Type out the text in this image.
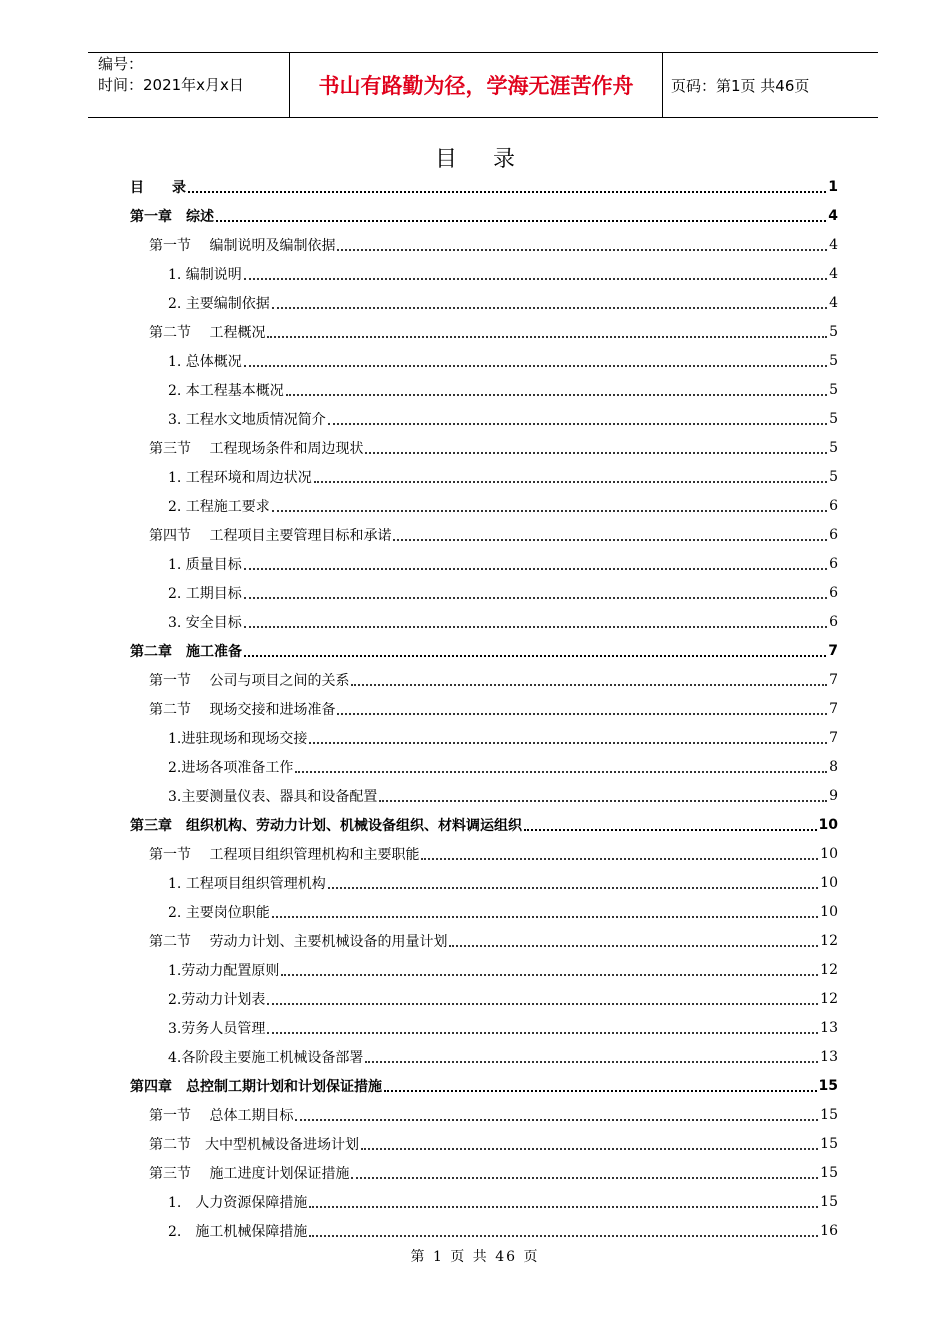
编号：
时间：2021年x月x日	书山有路勤为径，学海无涯苦作舟	页码：第1页 共46页
目录
目　　录	1
第一章　综述	4
第一节　 编制说明及编制依据	4
1. 编制说明	4
2. 主要编制依据	4
第二节　 工程概况	5
1. 总体概况	5
2. 本工程基本概况	5
3. 工程水文地质情况简介	5
第三节　 工程现场条件和周边现状	5
1. 工程环境和周边状况	5
2. 工程施工要求	6
第四节　 工程项目主要管理目标和承诺	6
1. 质量目标	6
2. 工期目标	6
3. 安全目标	6
第二章　施工准备	7
第一节　 公司与项目之间的关系	7
第二节　 现场交接和进场准备	7
1.进驻现场和现场交接	7
2.进场各项准备工作	8
3.主要测量仪表、器具和设备配置	9
第三章　组织机构、劳动力计划、机械设备组织、材料调运组织	10
第一节　 工程项目组织管理机构和主要职能	10
1. 工程项目组织管理机构	10
2. 主要岗位职能	10
第二节　 劳动力计划、主要机械设备的用量计划	12
1.劳动力配置原则	12
2.劳动力计划表	12
3.劳务人员管理	13
4.各阶段主要施工机械设备部署	13
第四章　总控制工期计划和计划保证措施	15
第一节　 总体工期目标	15
第二节　大中型机械设备进场计划	15
第三节　 施工进度计划保证措施	15
1.　人力资源保障措施	15
2.　施工机械保障措施	16
第 1 页 共 46 页
